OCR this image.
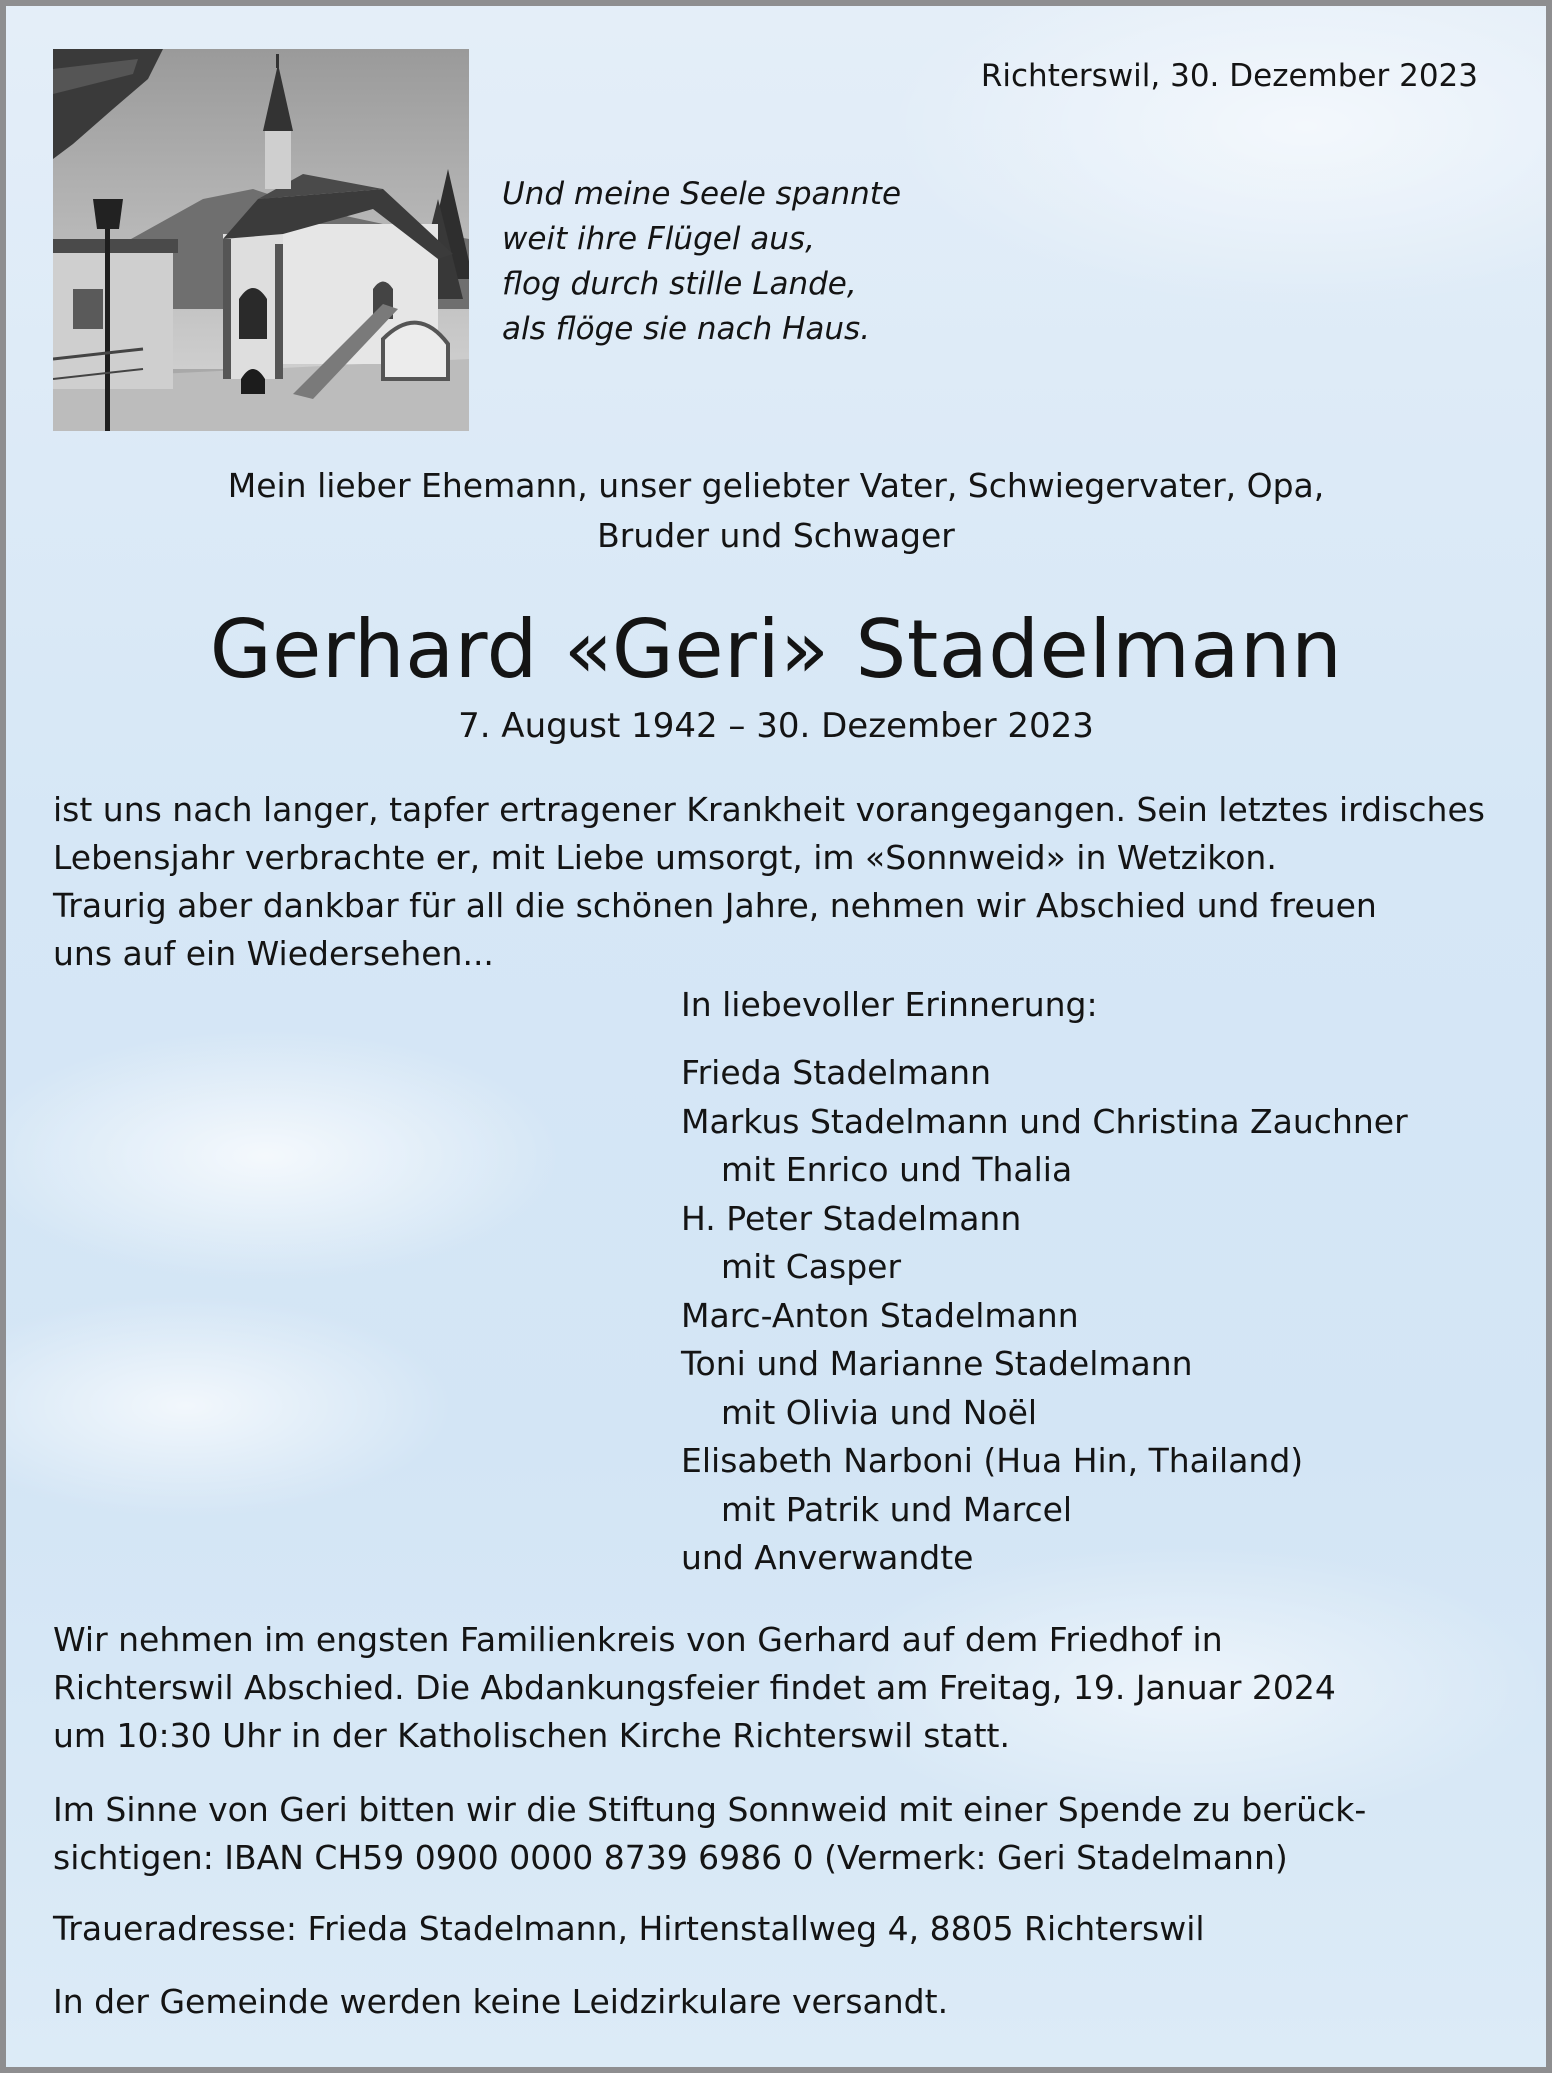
Richterswil, 30. Dezember 2023

Und meine Seele spannte
weit ihre Flügel aus,
flog durch stille Lande,
als flöge sie nach Haus.
Mein lieber Ehemann, unser geliebter Vater, Schwiegervater, Opa,
Bruder und Schwager
Gerhard «Geri» Stadelmann
7. August 1942 – 30. Dezember 2023
ist uns nach langer, tapfer ertragener Krankheit vorangegangen. Sein letztes irdisches
Lebensjahr verbrachte er, mit Liebe umsorgt, im «Sonnweid» in Wetzikon.
Traurig aber dankbar für all die schönen Jahre, nehmen wir Abschied und freuen
uns auf ein Wiedersehen...
In liebevoller Erinnerung:
Frieda Stadelmann
Markus Stadelmann und Christina Zauchner
mit Enrico und Thalia
H. Peter Stadelmann
mit Casper
Marc-Anton Stadelmann
Toni und Marianne Stadelmann
mit Olivia und Noël
Elisabeth Narboni (Hua Hin, Thailand)
mit Patrik und Marcel
und Anverwandte
Wir nehmen im engsten Familienkreis von Gerhard auf dem Friedhof in
Richterswil Abschied. Die Abdankungsfeier findet am Freitag, 19. Januar 2024
um 10:30 Uhr in der Katholischen Kirche Richterswil statt.
Im Sinne von Geri bitten wir die Stiftung Sonnweid mit einer Spende zu berück-
sichtigen: IBAN CH59 0900 0000 8739 6986 0 (Vermerk: Geri Stadelmann)
Traueradresse: Frieda Stadelmann, Hirtenstallweg 4, 8805 Richterswil
In der Gemeinde werden keine Leidzirkulare versandt.
